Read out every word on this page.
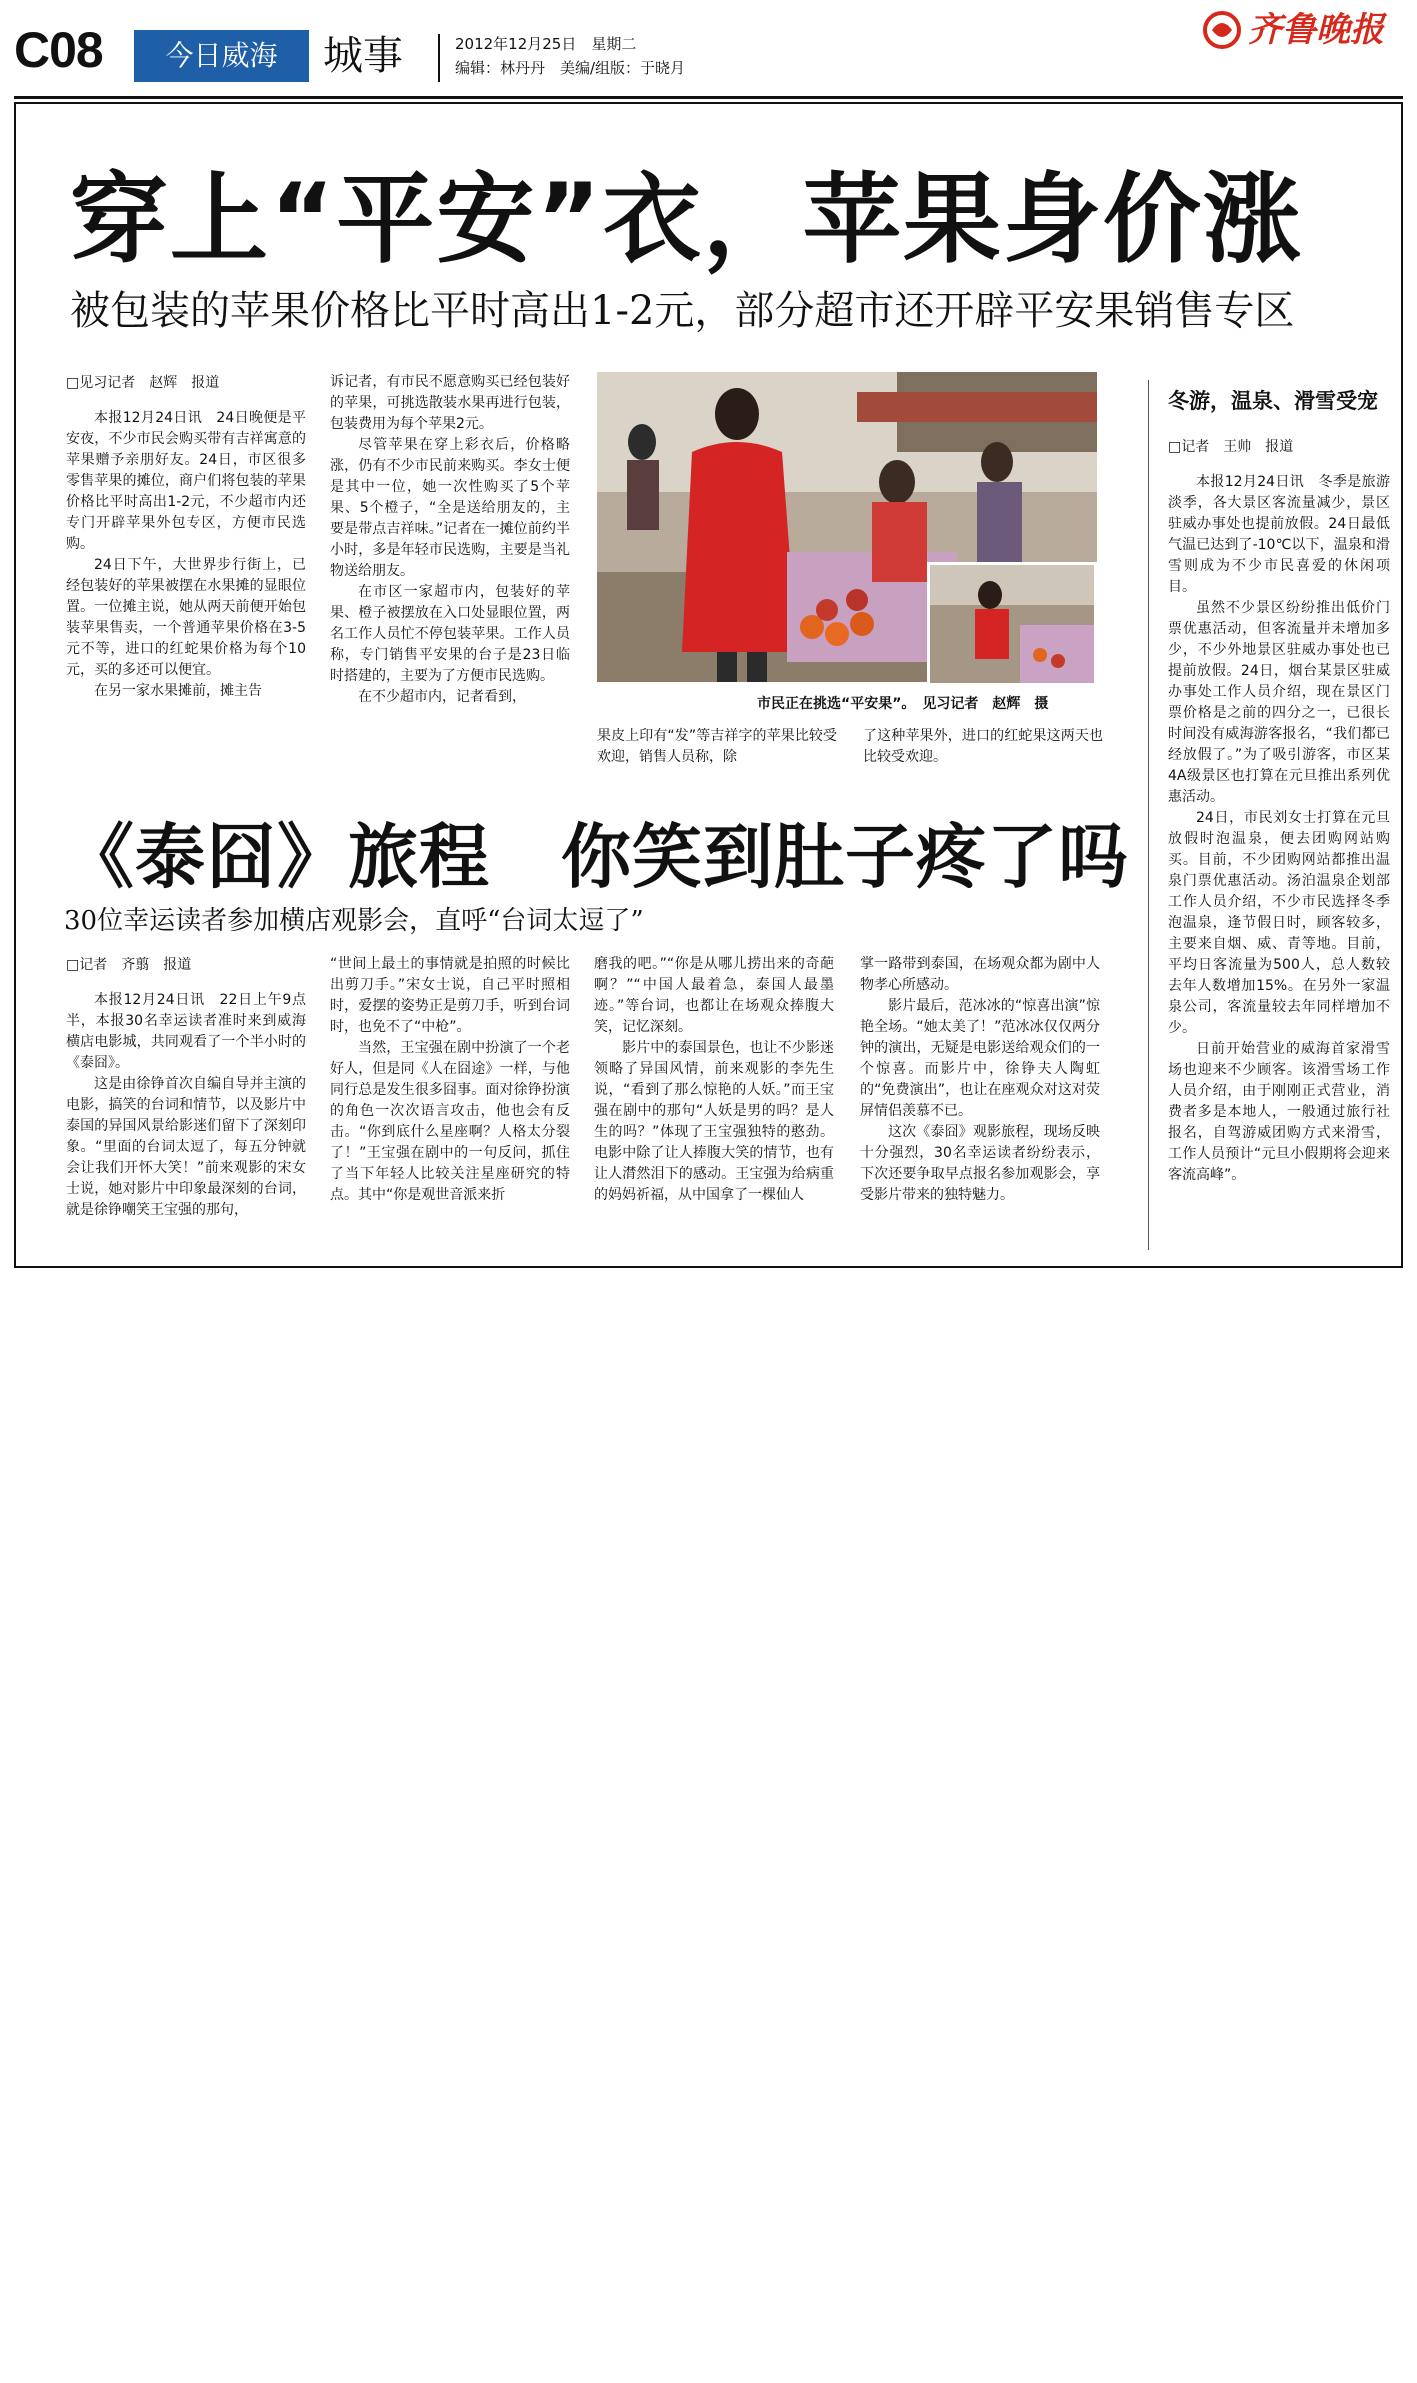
C08	今日威海	城事	2012年12月25日　星期二
编辑：林丹丹　美编/组版：于晓月
齐鲁晚报
穿上“平安”衣，苹果身价涨
被包装的苹果价格比平时高出1-2元，部分超市还开辟平安果销售专区
□见习记者　赵辉　报道

本报12月24日讯　24日晚便是平安夜，不少市民会购买带有吉祥寓意的苹果赠予亲朋好友。24日，市区很多零售苹果的摊位，商户们将包装的苹果价格比平时高出1-2元，不少超市内还专门开辟苹果外包专区，方便市民选购。

24日下午，大世界步行街上，已经包装好的苹果被摆在水果摊的显眼位置。一位摊主说，她从两天前便开始包装苹果售卖，一个普通苹果价格在3-5元不等，进口的红蛇果价格为每个10元，买的多还可以便宜。

在另一家水果摊前，摊主告

诉记者，有市民不愿意购买已经包装好的苹果，可挑选散装水果再进行包装，包装费用为每个苹果2元。

尽管苹果在穿上彩衣后，价格略涨，仍有不少市民前来购买。李女士便是其中一位，她一次性购买了5个苹果、5个橙子，“全是送给朋友的，主要是带点吉祥味。”记者在一摊位前约半小时，多是年轻市民选购，主要是当礼物送给朋友。

在市区一家超市内，包装好的苹果、橙子被摆放在入口处显眼位置，两名工作人员忙不停包装苹果。工作人员称，专门销售平安果的台子是23日临时搭建的，主要为了方便市民选购。

在不少超市内，记者看到，	市民正在挑选“平安果”。　见习记者　赵辉　摄

果皮上印有“发”等吉祥字的苹果比较受欢迎，销售人员称，除

了这种苹果外，进口的红蛇果这两天也比较受欢迎。

冬游，温泉、滑雪受宠
□记者　王帅　报道

本报12月24日讯　冬季是旅游淡季，各大景区客流量减少，景区驻威办事处也提前放假。24日最低气温已达到了-10℃以下，温泉和滑雪则成为不少市民喜爱的休闲项目。

虽然不少景区纷纷推出低价门票优惠活动，但客流量并未增加多少，不少外地景区驻威办事处也已提前放假。24日，烟台某景区驻威办事处工作人员介绍，现在景区门票价格是之前的四分之一，已很长时间没有威海游客报名，“我们都已经放假了。”为了吸引游客，市区某4A级景区也打算在元旦推出系列优惠活动。

24日，市民刘女士打算在元旦放假时泡温泉，便去团购网站购买。目前，不少团购网站都推出温泉门票优惠活动。汤泊温泉企划部工作人员介绍，不少市民选择冬季泡温泉，逢节假日时，顾客较多，主要来自烟、威、青等地。目前，平均日客流量为500人，总人数较去年人数增加15%。在另外一家温泉公司，客流量较去年同样增加不少。

日前开始营业的威海首家滑雪场也迎来不少顾客。该滑雪场工作人员介绍，由于刚刚正式营业，消费者多是本地人，一般通过旅行社报名，自驾游威团购方式来滑雪，工作人员预计“元旦小假期将会迎来客流高峰”。

《泰囧》旅程　你笑到肚子疼了吗
30位幸运读者参加横店观影会，直呼“台词太逗了”
□记者　齐翦　报道

本报12月24日讯　22日上午9点半，本报30名幸运读者准时来到威海横店电影城，共同观看了一个半小时的《泰囧》。

这是由徐铮首次自编自导并主演的电影，搞笑的台词和情节，以及影片中泰国的异国风景给影迷们留下了深刻印象。“里面的台词太逗了，每五分钟就会让我们开怀大笑！”前来观影的宋女士说，她对影片中印象最深刻的台词，就是徐铮嘲笑王宝强的那句，

“世间上最土的事情就是拍照的时候比出剪刀手。”宋女士说，自己平时照相时，爱摆的姿势正是剪刀手，听到台词时，也免不了“中枪”。

当然，王宝强在剧中扮演了一个老好人，但是同《人在囧途》一样，与他同行总是发生很多囧事。面对徐铮扮演的角色一次次语言攻击，他也会有反击。“你到底什么星座啊？人格太分裂了！”王宝强在剧中的一句反问，抓住了当下年轻人比较关注星座研究的特点。其中“你是观世音派来折

磨我的吧。”“你是从哪儿捞出来的奇葩啊？”“中国人最着急，泰国人最墨迹。”等台词，也都让在场观众捧腹大笑，记忆深刻。

影片中的泰国景色，也让不少影迷领略了异国风情，前来观影的李先生说，“看到了那么惊艳的人妖。”而王宝强在剧中的那句“人妖是男的吗？是人生的吗？”体现了王宝强独特的憨劲。电影中除了让人捧腹大笑的情节，也有让人潸然泪下的感动。王宝强为给病重的妈妈祈福，从中国拿了一棵仙人

掌一路带到泰国，在场观众都为剧中人物孝心所感动。

影片最后，范冰冰的“惊喜出演”惊艳全场。“她太美了！”范冰冰仅仅两分钟的演出，无疑是电影送给观众们的一个惊喜。而影片中，徐铮夫人陶虹的“免费演出”，也让在座观众对这对荧屏情侣羡慕不已。

这次《泰囧》观影旅程，现场反映十分强烈，30名幸运读者纷纷表示，下次还要争取早点报名参加观影会，享受影片带来的独特魅力。
